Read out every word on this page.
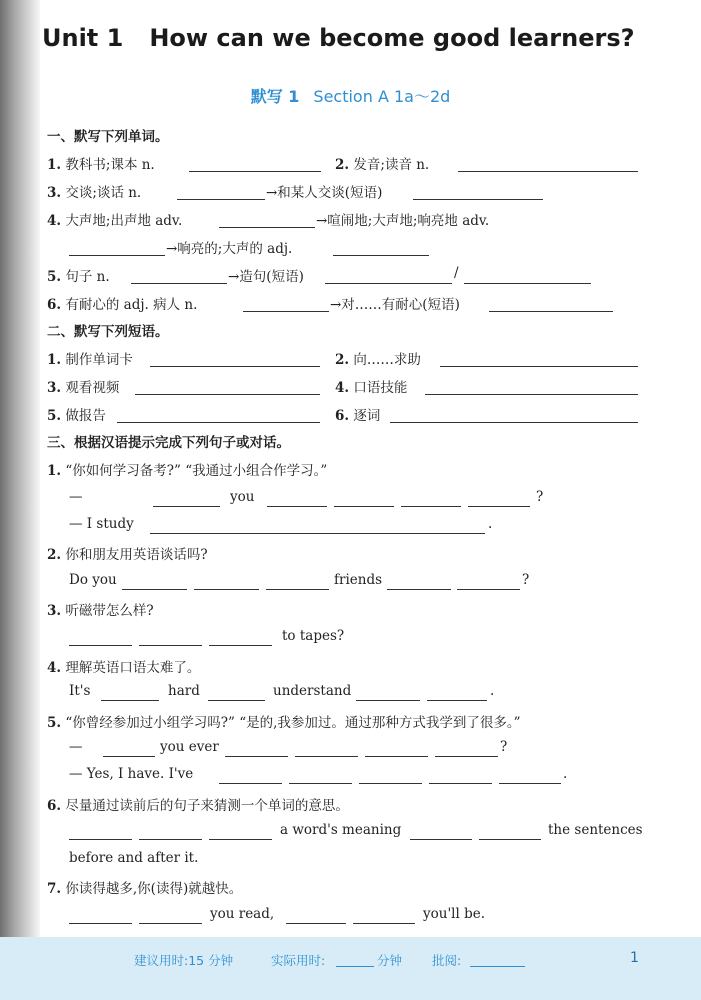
Unit 1 How can we become good learners?
默写 1 Section A 1a～2d
一、默写下列单词。
1. 教科书;课本 n.	2. 发音;读音 n.
3. 交谈;谈话 n.	→和某人交谈(短语)
4. 大声地;出声地 adv.	→喧闹地;大声地;响亮地 adv.
→响亮的;大声的 adj.
5. 句子 n.	→造句(短语)	/
6. 有耐心的 adj. 病人 n.	→对……有耐心(短语)
二、默写下列短语。
1. 制作单词卡	2. 向……求助
3. 观看视频	4. 口语技能
5. 做报告	6. 逐词
三、根据汉语提示完成下列句子或对话。
1. “你如何学习备考?” “我通过小组合作学习。”
—	you	?
— I study	.
2. 你和朋友用英语谈话吗?
Do you	friends	?
3. 听磁带怎么样?
to tapes?
4. 理解英语口语太难了。
It's	hard	understand	.
5. “你曾经参加过小组学习吗?” “是的,我参加过。通过那种方式我学到了很多。”
—	you ever	?
— Yes, I have. I've	.
6. 尽量通过读前后的句子来猜测一个单词的意思。
a word's meaning	the sentences
before and after it.
7. 你读得越多,你(读得)就越快。
you read,	you'll be.
建议用时:15 分钟	实际用时:	分钟 批阅:	1
